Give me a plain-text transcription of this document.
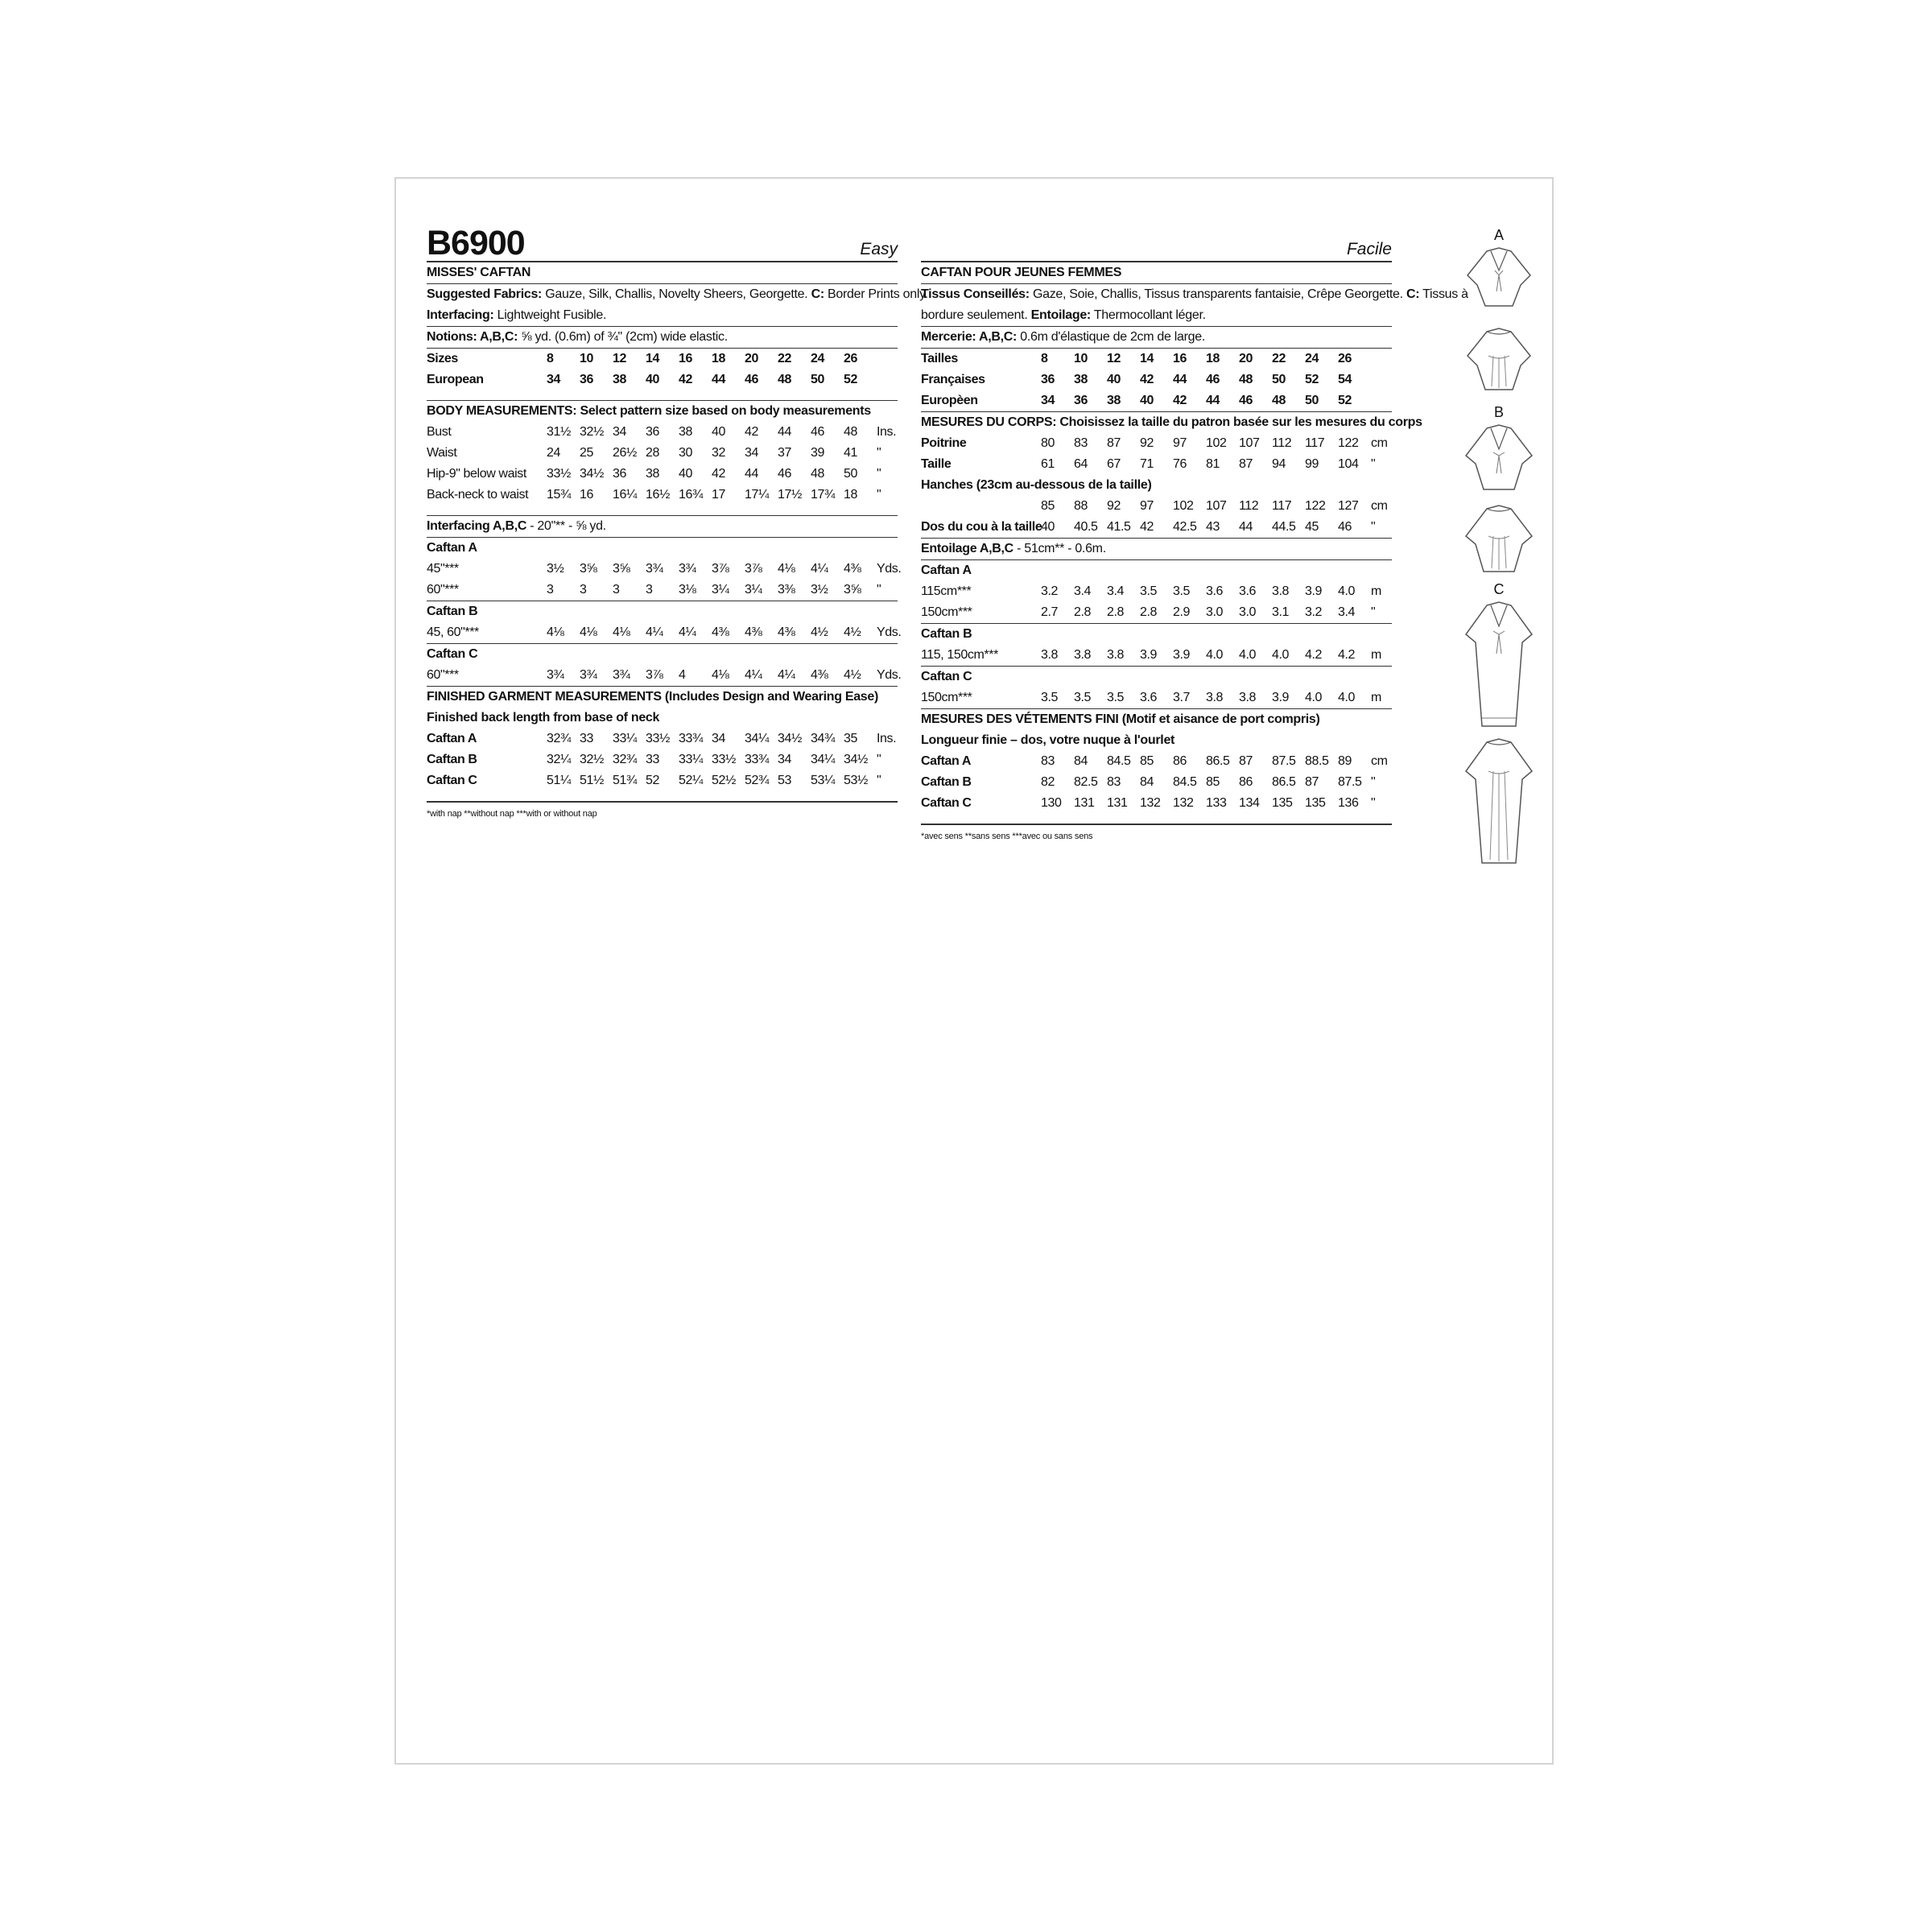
B6900	Easy
MISSES' CAFTAN
Suggested Fabrics: Gauze, Silk, Challis, Novelty Sheers, Georgette. C: Border Prints only.
Interfacing: Lightweight Fusible.
Notions: A,B,C: ⅝ yd. (0.6m) of ¾" (2cm) wide elastic.
Sizes	8	10	12	14	16	18	20	22	24	26	
European	34	36	38	40	42	44	46	48	50	52	
BODY MEASUREMENTS: Select pattern size based on body measurements
Bust	31½	32½	34	36	38	40	42	44	46	48	Ins.
Waist	24	25	26½	28	30	32	34	37	39	41	"
Hip-9" below waist	33½	34½	36	38	40	42	44	46	48	50	"
Back-neck to waist	15¾	16	16¼	16½	16¾	17	17¼	17½	17¾	18	"
Interfacing A,B,C - 20"** - ⅝ yd.
Caftan A
45"***	3½	3⅝	3⅝	3¾	3¾	3⅞	3⅞	4⅛	4¼	4⅜	Yds.
60"***	3	3	3	3	3⅛	3¼	3¼	3⅜	3½	3⅝	"
Caftan B
45, 60"***	4⅛	4⅛	4⅛	4¼	4¼	4⅜	4⅜	4⅜	4½	4½	Yds.
Caftan C
60"***	3¾	3¾	3¾	3⅞	4	4⅛	4¼	4¼	4⅜	4½	Yds.
FINISHED GARMENT MEASUREMENTS (Includes Design and Wearing Ease)
Finished back length from base of neck
Caftan A	32¾	33	33¼	33½	33¾	34	34¼	34½	34¾	35	Ins.
Caftan B	32¼	32½	32¾	33	33¼	33½	33¾	34	34¼	34½	"
Caftan C	51¼	51½	51¾	52	52¼	52½	52¾	53	53¼	53½	"
*with nap **without nap ***with or without nap
Facile
CAFTAN POUR JEUNES FEMMES
Tissus Conseillés: Gaze, Soie, Challis, Tissus transparents fantaisie, Crêpe Georgette. C: Tissus à
bordure seulement. Entoilage: Thermocollant léger.
Mercerie: A,B,C: 0.6m d'élastique de 2cm de large.
Tailles	8	10	12	14	16	18	20	22	24	26	
Françaises	36	38	40	42	44	46	48	50	52	54	
Europèen	34	36	38	40	42	44	46	48	50	52	
MESURES DU CORPS: Choisissez la taille du patron basée sur les mesures du corps
Poitrine	80	83	87	92	97	102	107	112	117	122	cm
Taille	61	64	67	71	76	81	87	94	99	104	"
Hanches (23cm au-dessous de la taille)
	85	88	92	97	102	107	112	117	122	127	cm
Dos du cou à la taille	40	40.5	41.5	42	42.5	43	44	44.5	45	46	"
Entoilage A,B,C - 51cm** - 0.6m.
Caftan A
115cm***	3.2	3.4	3.4	3.5	3.5	3.6	3.6	3.8	3.9	4.0	m
150cm***	2.7	2.8	2.8	2.8	2.9	3.0	3.0	3.1	3.2	3.4	"
Caftan B
115, 150cm***	3.8	3.8	3.8	3.9	3.9	4.0	4.0	4.0	4.2	4.2	m
Caftan C
150cm***	3.5	3.5	3.5	3.6	3.7	3.8	3.8	3.9	4.0	4.0	m
MESURES DES VÉTEMENTS FINI (Motif et aisance de port compris)
Longueur finie – dos, votre nuque à l'ourlet
Caftan A	83	84	84.5	85	86	86.5	87	87.5	88.5	89	cm
Caftan B	82	82.5	83	84	84.5	85	86	86.5	87	87.5	"
Caftan C	130	131	131	132	132	133	134	135	135	136	"
*avec sens **sans sens ***avec ou sans sens
A
B
C
